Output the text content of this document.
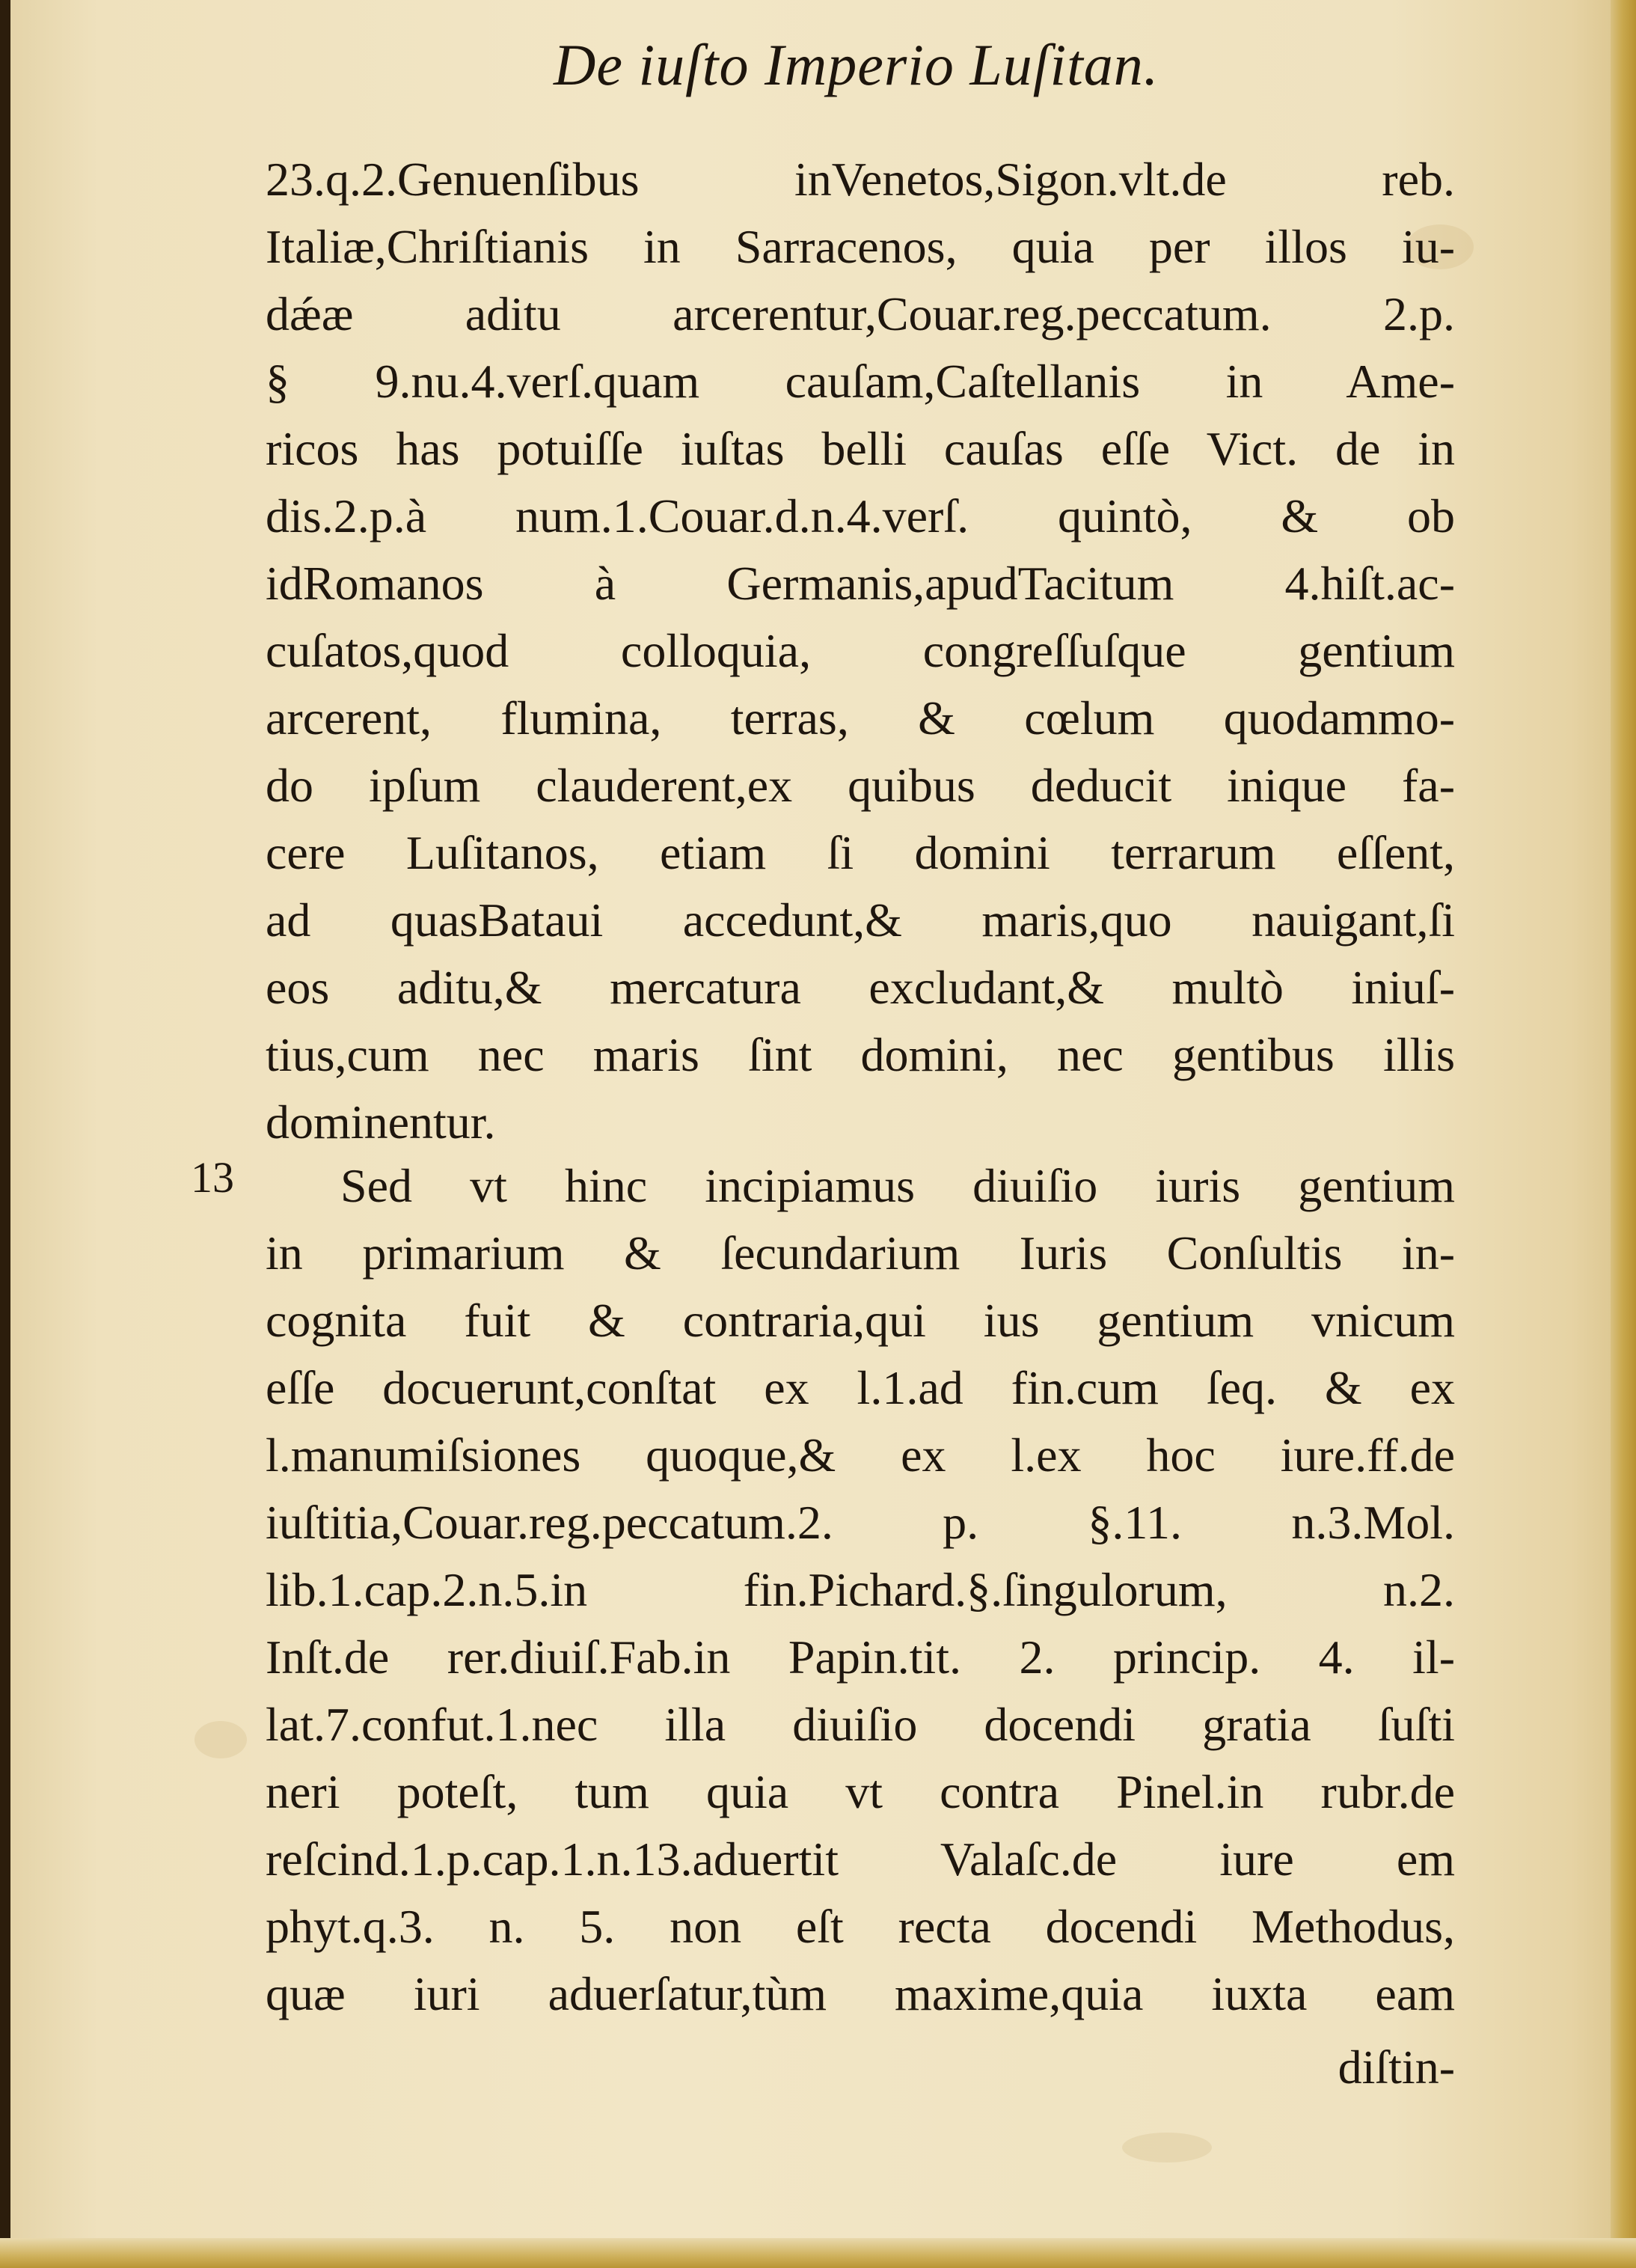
De iuſto Imperio Luſitan.
13
23.q.2.Genuenſibus inVenetos,Sigon.vlt.de reb.
Italiæ,Chriſtianis in Sarracenos, quia per illos iu-
dǽæ aditu arcerentur,Couar.reg.peccatum. 2.p.
§ 9.nu.4.verſ.quam cauſam,Caſtellanis in Ame-
ricos has potuiſſe iuſtas belli cauſas eſſe Vict. de in
dis.2.p.à num.1.Couar.d.n.4.verſ. quintò, & ob
idRomanos à Germanis,apudTacitum 4.hiſt.ac-
cuſatos,quod colloquia, congreſſuſque gentium
arcerent, flumina, terras, & cœlum quodammo-
do ipſum clauderent,ex quibus deducit inique fa-
cere Luſitanos, etiam ſi domini terrarum eſſent,
ad quasBataui accedunt,& maris,quo nauigant,ſi
eos aditu,& mercatura excludant,& multò iniuſ-
tius,cum nec maris ſint domini, nec gentibus illis
dominentur.
Sed vt hinc incipiamus diuiſio iuris gentium
in primarium & ſecundarium Iuris Conſultis in-
cognita fuit & contraria,qui ius gentium vnicum
eſſe docuerunt,conſtat ex l.1.ad fin.cum ſeq. & ex
l.manumiſsiones quoque,& ex l.ex hoc iure.ff.de
iuſtitia,Couar.reg.peccatum.2. p. §.11. n.3.Mol.
lib.1.cap.2.n.5.in fin.Pichard.§.ſingulorum, n.2.
Inſt.de rer.diuiſ.Fab.in Papin.tit. 2. princip. 4. il-
lat.7.confut.1.nec illa diuiſio docendi gratia ſuſti
neri poteſt, tum quia vt contra Pinel.in rubr.de
reſcind.1.p.cap.1.n.13.aduertit Valaſc.de iure em
phyt.q.3. n. 5. non eſt recta docendi Methodus,
quæ iuri aduerſatur,tùm maxime,quia iuxta eam
diſtin-
